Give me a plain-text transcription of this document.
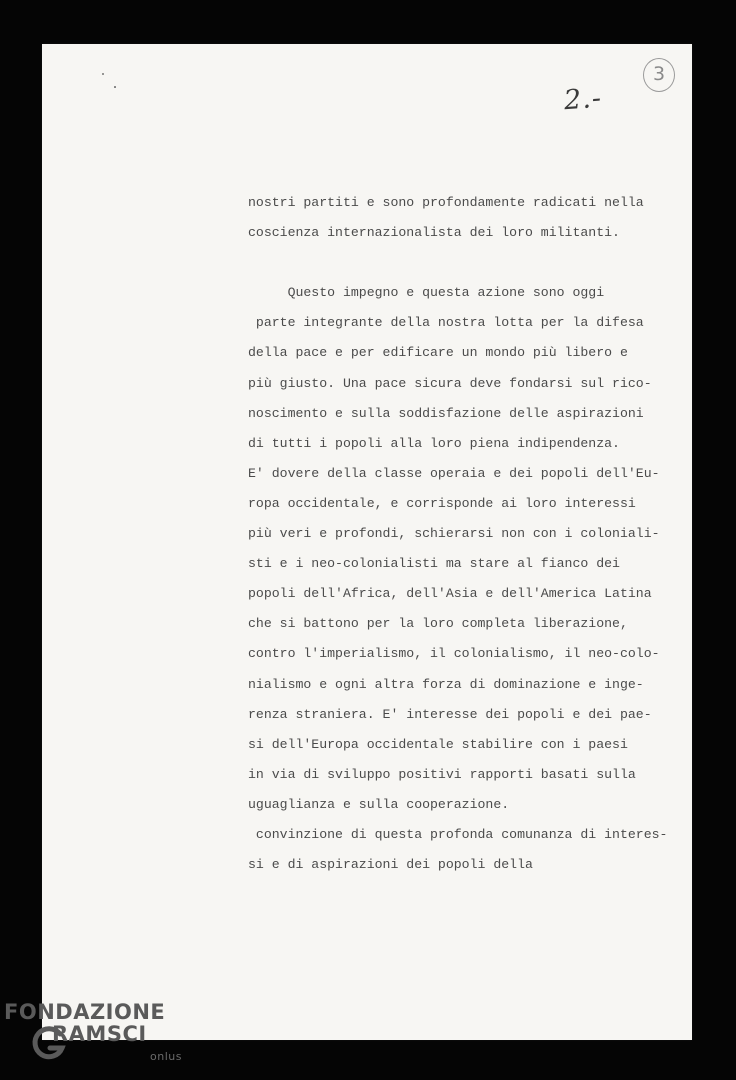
2.-
3
nostri partiti e sono profondamente radicati nella
coscienza internazionalista dei loro militanti.
Questo impegno e questa azione sono oggi
parte integrante della nostra lotta per la difesa
della pace e per edificare un mondo più libero e
più giusto. Una pace sicura deve fondarsi sul rico-
noscimento e sulla soddisfazione delle aspirazioni
di tutti i popoli alla loro piena indipendenza.
E' dovere della classe operaia e dei popoli dell'Eu-
ropa occidentale, e corrisponde ai loro interessi
più veri e profondi, schierarsi non con i coloniali-
sti e i neo-colonialisti ma stare al fianco dei
popoli dell'Africa, dell'Asia e dell'America Latina
che si battono per la loro completa liberazione,
contro l'imperialismo, il colonialismo, il neo-colo-
nialismo e ogni altra forza di dominazione e inge-
renza straniera. E' interesse dei popoli e dei pae-
si dell'Europa occidentale stabilire con i paesi
in via di sviluppo positivi rapporti basati sulla
uguaglianza e sulla cooperazione.
convinzione di questa profonda comunanza di interes-
si e di aspirazioni dei popoli della
FONDAZIONE
RAMSCI
onlus
